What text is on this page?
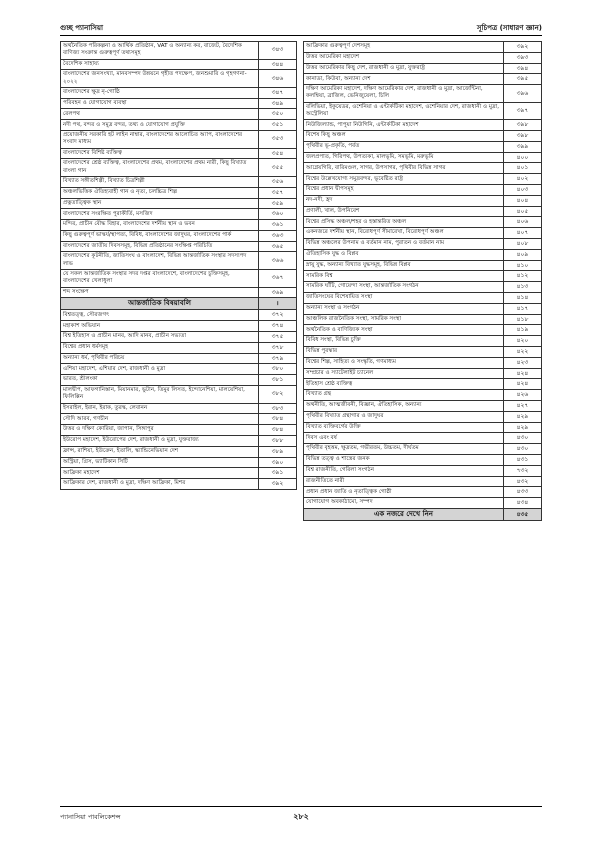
গুচ্ছ প্যানাসিয়া	সূচিপত্র (সাধারণ জ্ঞান)
অর্থনৈতিক পরিকল্পনা ও আর্থিক প্রতিষ্ঠান, VAT ও অন্যান্য কর, বাজেট, বৈদেশিক বাণিজ্য সংক্রান্ত গুরুত্বপূর্ণ তথ্যসমূহ	৩৪৩
বৈদেশিক সাহায্য	৩৪৪
বাংলাদেশের জনসংখ্যা, মানবসম্পদ উন্নয়নে গৃহীত পদক্ষেপ, জনশুমারি ও গৃহগণনা- ২০২২	৩৪৬
বাংলাদেশের ক্ষুদ্র নৃ-গোষ্ঠি	৩৪৭
পরিবহন ও যোগাযোগ ব্যবস্থা	৩৪৯
রেলপথ	৩৫০
নদী পথ, বন্দর ও সমুদ্র বন্দর, তথ্য ও যোগাযোগ প্রযুক্তি	৩৫১
প্রয়োজনীয় সরকারি হট লাইন নাম্বার, বাংলাদেশের আলোচিত অ্যাপ, বাংলাদেশের সংবাদ মাধ্যম	৩৫৩
বাংলাদেশের বিশিষ্ট ব্যক্তিত্ব	৩৫৪
বাংলাদেশের শ্রেষ্ঠ ব্যক্তিত্ব, বাংলাদেশের প্রথম, বাংলাদেশের প্রথম নারী, কিছু বিখ্যাত বাংলা গান	৩৫৫
বিখ্যাত সঙ্গীতশিল্পী, বিখ্যাত চিত্রশিল্পী	৩৫৬
অঞ্চলভিত্তিক ঐতিহ্যবাহী গান ও নৃত্য, চলচ্চিত্র শিল্প	৩৫৭
প্রত্নতাত্ত্বিক স্থান	৩৫৯
বাংলাদেশের সংরক্ষিত পুরাকীর্তি, মসজিদ	৩৬০
মন্দির, প্রাচীন বৌদ্ধ বিহার, বাংলাদেশের দর্শনীয় স্থান ও ভবন	৩৬১
কিছু গুরুত্বপূর্ণ ভাস্কর্য/স্থাপত্য, বিবিধ, বাংলাদেশের জাদুঘর, বাংলাদেশের পার্ক	৩৬৩
বাংলাদেশের জাতীয় দিবসসমূহ, বিভিন্ন প্রতিষ্ঠানের সংক্ষিপ্ত পরিচিতি	৩৬৫
বাংলাদেশের কূটনীতি, জাতিসংঘ ও বাংলাদেশ, বিভিন্ন আন্তর্জাতিক সংস্থার সদস্যপদ লাভ	৩৬৬
যে সকল আন্তর্জাতিক সংস্থার সদর দপ্তর বাংলাদেশে, বাংলাদেশের চুক্তিসমূহ, বাংলাদেশের খেলাধুলা	৩৬৭
শব্দ সংক্ষেপ	৩৬৯
আন্তর্জাতিক বিষয়াবলি	।
বিশ্বতত্ত্ব, সৌরজগৎ	৩৭২
মহাকাশ অভিযান	৩৭৪
বিশ্ব ইতিহাস ও প্রাচীন মানব, আদি মানব, প্রাচীন সভ্যতা	৩৭৫
বিশ্বের প্রধান ধর্মসমূহ	৩৭৮
অন্যান্য ধর্ম, পৃথিবীর পরিচয়	৩৭৯
এশিয়া মহাদেশ, এশিয়ার দেশ, রাজধানী ও মুদ্রা	৩৮০
ভারত, শ্রীলংকা	৩৮১
মালদ্বীপ, আফগানিস্তান, মিয়ানমার, ভুটান, তিমুর লিসত, ইন্দোনেশিয়া, মালয়েশিয়া, ফিলিপ্পিন	৩৮২
ইসরাইল, ইরান, ইরাক, তুরস্ক, লেবানন	৩৮৩
সৌদি আরব, গণচীন	৩৮৪
উত্তর ও দক্ষিণ কোরিয়া, জাপান, সিঙ্গাপুর	৩৮৪
ইউরোপ মহাদেশ, ইউরোপের দেশ, রাজধানী ও মুদ্রা, যুক্তরাজ্য	৩৮৮
ফ্রান্স, রাশিয়া, ইউক্রেন, ইতালি, স্ক্যান্ডিনেভিয়ান দেশ	৩৮৯
অস্ট্রিয়া, গ্রিস, ভ্যাটিকান সিটি	৩৯০
আফ্রিকা মহাদেশ	৩৯১
আফ্রিকার দেশ, রাজধানী ও মুদ্রা, দক্ষিণ আফ্রিকা, মিশর	৩৯২
আফ্রিকার গুরুত্বপূর্ণ দেশসমূহ	৩৯২
উত্তর আমেরিকা মহাদেশ	৩৯৩
উত্তর আমেরিকার কিছু দেশ, রাজধানী ও মুদ্রা, যুক্তরাষ্ট্র	৩৯৪
কানাডা, কিউবা, অন্যান্য দেশ	৩৯৫
দক্ষিণ আমেরিকা মহাদেশ, দক্ষিণ আমেরিকার দেশ, রাজধানী ও মুদ্রা, আর্জেন্টিনা, কলম্বিয়া, ব্রাজিল, ভেনিজুয়েলা, চিলি	৩৯৬
বলিভিয়া, ইকুয়েডর, ওশেনিয়া ও এন্টার্কটিকা মহাদেশ, ওশেনিয়ার দেশ, রাজধানী ও মুদ্রা, অস্ট্রেলিয়া	৩৯৭
নিউজিল্যান্ড, পাপুয়া নিউগিনি, এন্টার্কটিকা মহাদেশ	৩৯৮
বিশেষ কিছু অঞ্চল	৩৯৮
পৃথিবীর ভূ-প্রকৃতি, পর্বত	৩৯৯
জলপ্রপাত, গিরিপথ, উপত্যকা, মালভূমি, সমভূমি, মরুভূমি	৪০০
আগ্নেয়গিরি, বারিমণ্ডল, সাগর, উপসাগর, পৃথিবীর বিভিন্ন সাগর	৪০১
বিশ্বের উল্লেখযোগ্য সমুদ্রবন্দর, ভূবেষ্টিত রাষ্ট্র	৪০২
বিশ্বের প্রধান দ্বীপসমূহ	৪০৩
নদ-নদী, হ্রদ	৪০৪
প্রণালী, খাল, উপনিবেশ	৪০৫
বিশ্বের প্রসিদ্ধ অঞ্চল/শহর ও হস্তান্তরিত অঞ্চল	৪০৬
একনজরে দর্শনীয় স্থান, বিরোধপূর্ণ সীমারেখা, বিরোধপূর্ণ অঞ্চল	৪০৭
বিভিন্ন অঞ্চলের উপনাম ও বর্তমান নাম, পুরাতন ও বর্তমান নাম	৪০৮
ঐতিহাসিক যুদ্ধ ও বিপ্লব	৪০৯
স্নায়ু যুদ্ধ, অন্যান্য বিখ্যাত যুদ্ধসমূহ, বিভিন্ন বিপ্লব	৪১০
সামরিক বিশ্ব	৪১২
সামরিক ঘাঁটি, গোয়েন্দা সংস্থা, আন্তর্জাতিক সংগঠন	৪১৩
জাতিসংঘের বিশেষায়িত সংস্থা	৪১৪
অন্যান্য সংস্থা ও সংগঠন	৪১৭
আঞ্চলিক রাজনৈতিক সংস্থা, সামরিক সংস্থা	৪১৮
অর্থনৈতিক ও বাণিজ্যিক সংস্থা	৪১৯
বিবিধ সংস্থা, বিভিন্ন চুক্তি	৪২০
বিভিন্ন পুরস্কার	৪২২
বিশ্বের শিল্প, সাহিত্য ও সংস্কৃতি, গণমাধ্যম	৪২৩
সম্প্রচার ও স্যাটেলাইট চ্যানেল	৪২৪
ইতিহাস শ্রেষ্ঠ ব্যক্তিত্ব	৪২৪
বিখ্যাত গ্রন্থ	৪২৬
অর্থনীতি, আত্মজীবনী, বিজ্ঞান, ঐতিহাসিক, অন্যান্য	৪২৭
পৃথিবীর বিখ্যাত গ্রন্থাগার ও জাদুঘর	৪২৯
বিখ্যাত ব্যক্তিবর্গের উক্তি	৪২৯
দিবস এবং বর্ষ	৪৩০
পৃথিবীর বৃহত্তম, ক্ষুদ্রতম, গভীরতম, উচ্চতম, দীর্ঘতম	৪৩০
বিভিন্ন তত্ত্ব ও শাস্ত্রের জনক	৪৩১
বিশ্ব রাজনীতি, গেরিলা সংগঠন	৭৩২
রাজনীতিতে নারী	৪৩২
প্রধান প্রধান জাতি ও নৃতাত্ত্বিক গোষ্ঠী	৪৩৩
যোগাযোগ অবকাঠামো, সম্পদ	৪৩৪
এক নজরে দেখে নিন	৪৩৫
প্যানাসিয়া পাবলিকেশন্স	২৮২
